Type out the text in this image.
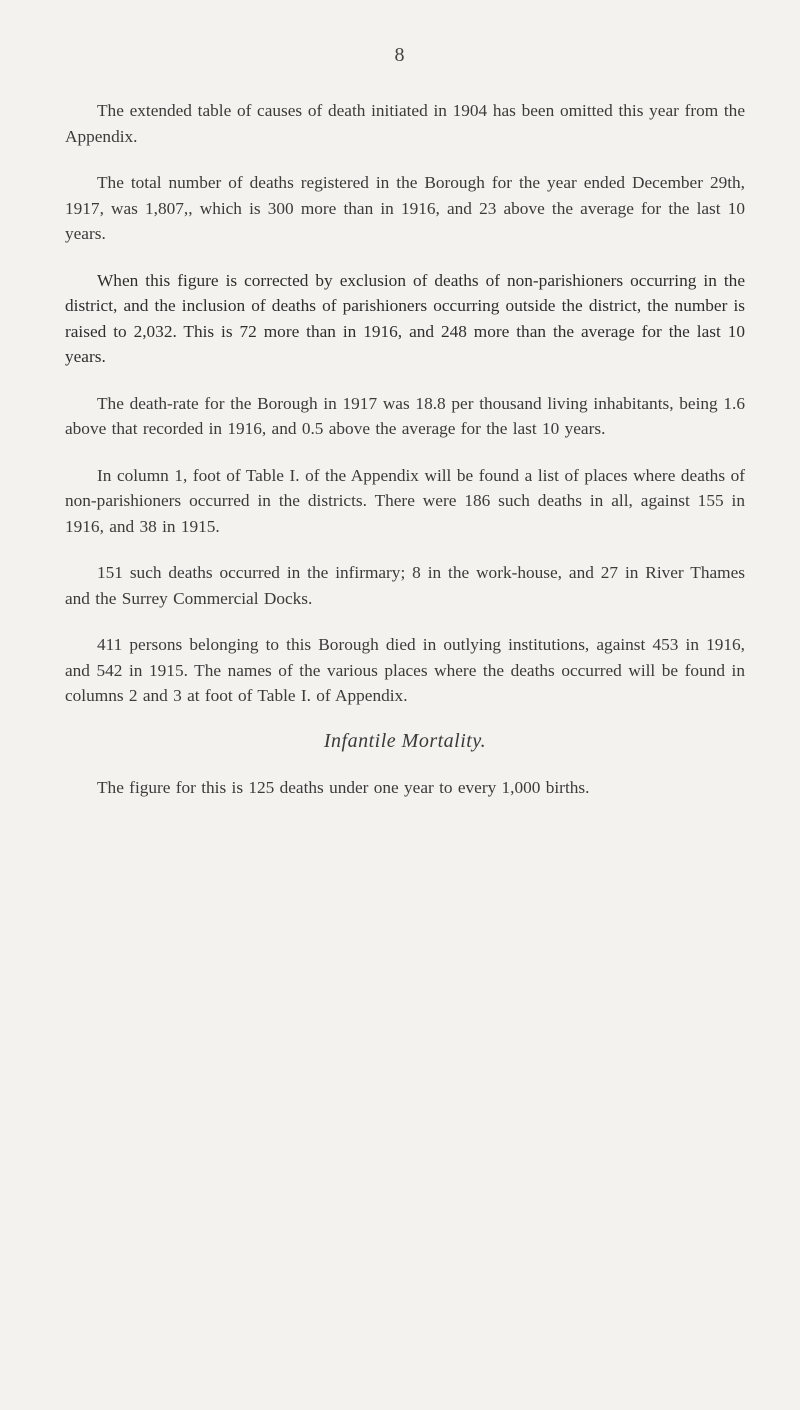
8

The extended table of causes of death initiated in 1904 has been omitted this year from the Appendix.

The total number of deaths registered in the Borough for the year ended December 29th, 1917, was 1,807,, which is 300 more than in 1916, and 23 above the average for the last 10 years.

When this figure is corrected by exclusion of deaths of non-parishioners occurring in the district, and the inclusion of deaths of parishioners occurring outside the district, the number is raised to 2,032. This is 72 more than in 1916, and 248 more than the average for the last 10 years.

The death-rate for the Borough in 1917 was 18.8 per thousand living inhabitants, being 1.6 above that recorded in 1916, and 0.5 above the average for the last 10 years.

In column 1, foot of Table I. of the Appendix will be found a list of places where deaths of non-parishioners occurred in the districts. There were 186 such deaths in all, against 155 in 1916, and 38 in 1915.

151 such deaths occurred in the infirmary; 8 in the work-house, and 27 in River Thames and the Surrey Commercial Docks.

411 persons belonging to this Borough died in outlying institutions, against 453 in 1916, and 542 in 1915. The names of the various places where the deaths occurred will be found in columns 2 and 3 at foot of Table I. of Appendix.

Infantile Mortality.

The figure for this is 125 deaths under one year to every 1,000 births.
